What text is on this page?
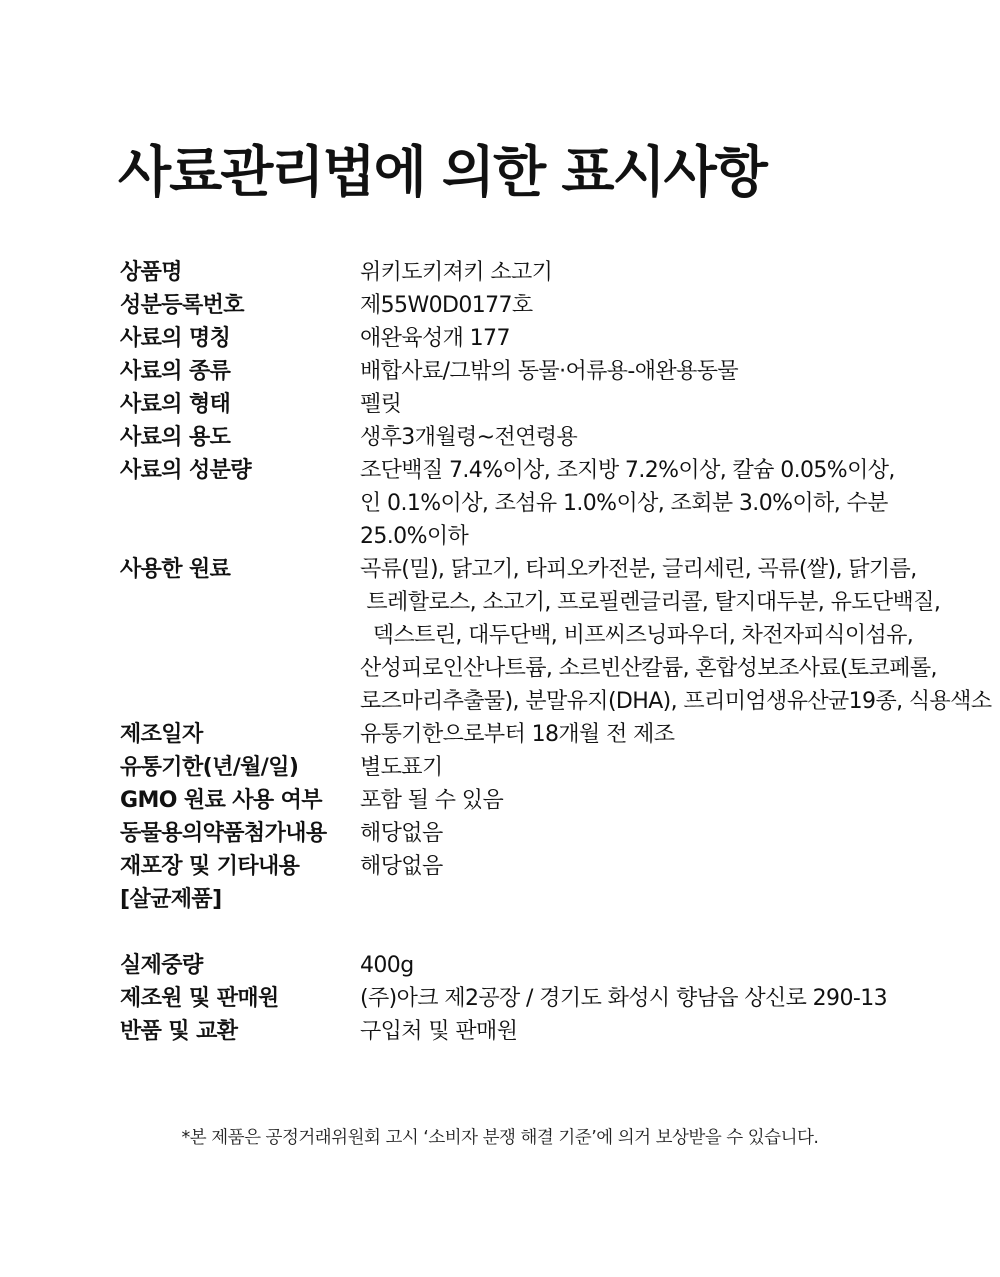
사료관리법에 의한 표시사항
상품명	위키도키져키 소고기
성분등록번호	제55W0D0177호
사료의 명칭	애완육성개 177
사료의 종류	배합사료/그밖의 동물·어류용-애완용동물
사료의 형태	펠릿
사료의 용도	생후3개월령~전연령용
사료의 성분량	조단백질 7.4%이상, 조지방 7.2%이상, 칼슘 0.05%이상,
인 0.1%이상, 조섬유 1.0%이상, 조회분 3.0%이하, 수분
25.0%이하
사용한 원료	곡류(밀), 닭고기, 타피오카전분, 글리세린, 곡류(쌀), 닭기름,
트레할로스, 소고기, 프로필렌글리콜, 탈지대두분, 유도단백질,
덱스트린, 대두단백, 비프씨즈닝파우더, 차전자피식이섬유,
산성피로인산나트륨, 소르빈산칼륨, 혼합성보조사료(토코페롤,
로즈마리추출물), 분말유지(DHA), 프리미엄생유산균19종, 식용색소
제조일자	유통기한으로부터 18개월 전 제조
유통기한(년/월/일)	별도표기
GMO 원료 사용 여부	포함 될 수 있음
동물용의약품첨가내용	해당없음
재포장 및 기타내용	해당없음
[살균제품]
실제중량	400g
제조원 및 판매원	(주)아크 제2공장 / 경기도 화성시 향남읍 상신로 290-13
반품 및 교환	구입처 및 판매원
*본 제품은 공정거래위원회 고시 ‘소비자 분쟁 해결 기준’에 의거 보상받을 수 있습니다.
